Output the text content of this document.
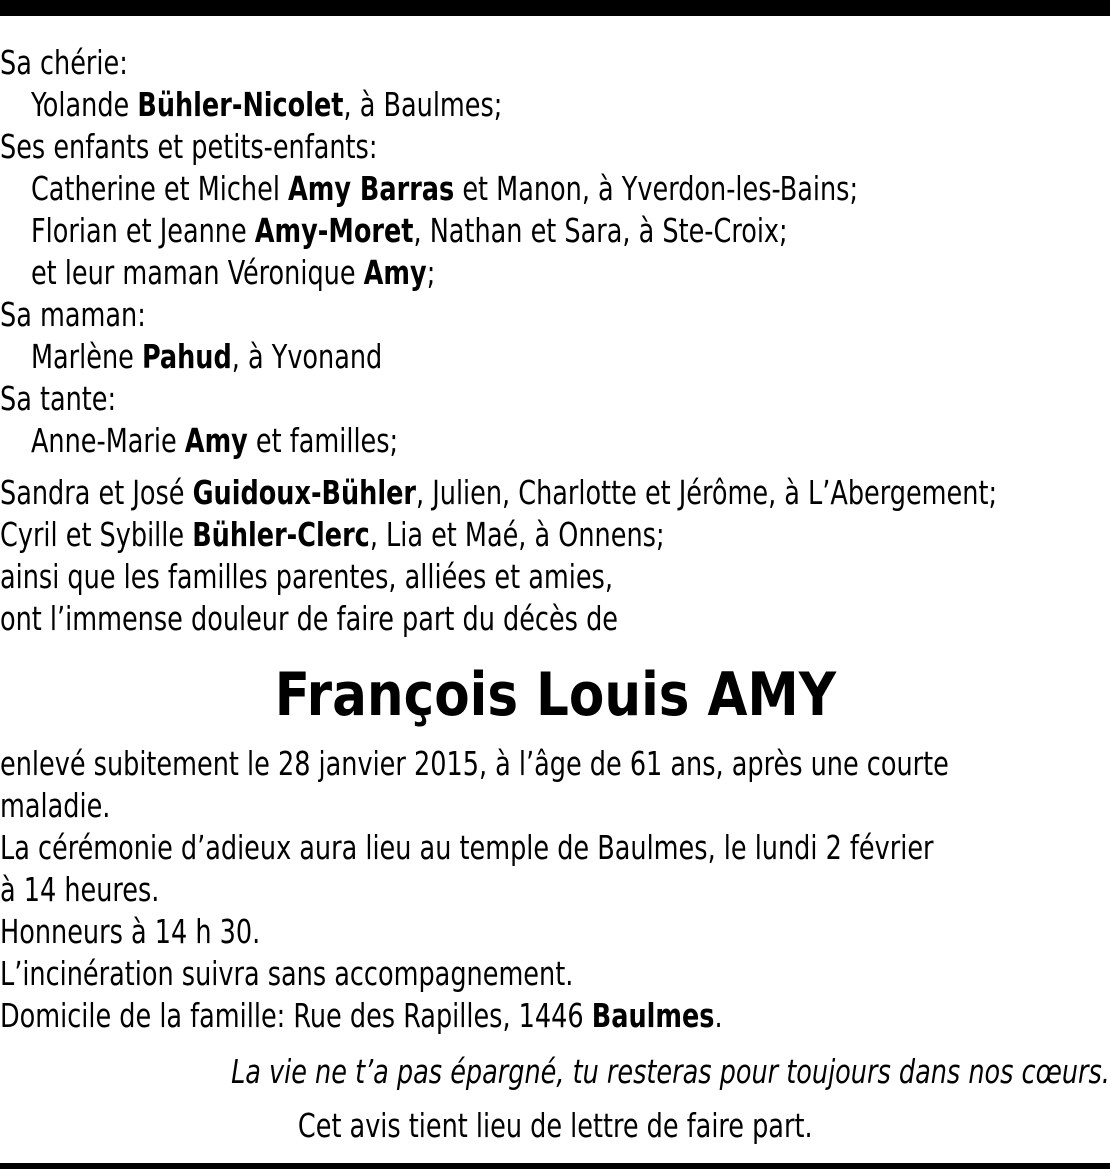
Sa chérie:
Yolande Bühler-Nicolet, à Baulmes;
Ses enfants et petits-enfants:
Catherine et Michel Amy Barras et Manon, à Yverdon-les-Bains;
Florian et Jeanne Amy-Moret, Nathan et Sara, à Ste-Croix;
et leur maman Véronique Amy;
Sa maman:
Marlène Pahud, à Yvonand
Sa tante:
Anne-Marie Amy et familles;
Sandra et José Guidoux-Bühler, Julien, Charlotte et Jérôme, à L’Abergement;
Cyril et Sybille Bühler-Clerc, Lia et Maé, à Onnens;
ainsi que les familles parentes, alliées et amies,
ont l’immense douleur de faire part du décès de
François Louis AMY
enlevé subitement le 28 janvier 2015, à l’âge de 61 ans, après une courte
maladie.
La cérémonie d’adieux aura lieu au temple de Baulmes, le lundi 2 février
à 14 heures.
Honneurs à 14 h 30.
L’incinération suivra sans accompagnement.
Domicile de la famille: Rue des Rapilles, 1446 Baulmes.
La vie ne t’a pas épargné, tu resteras pour toujours dans nos cœurs.
Cet avis tient lieu de lettre de faire part.
